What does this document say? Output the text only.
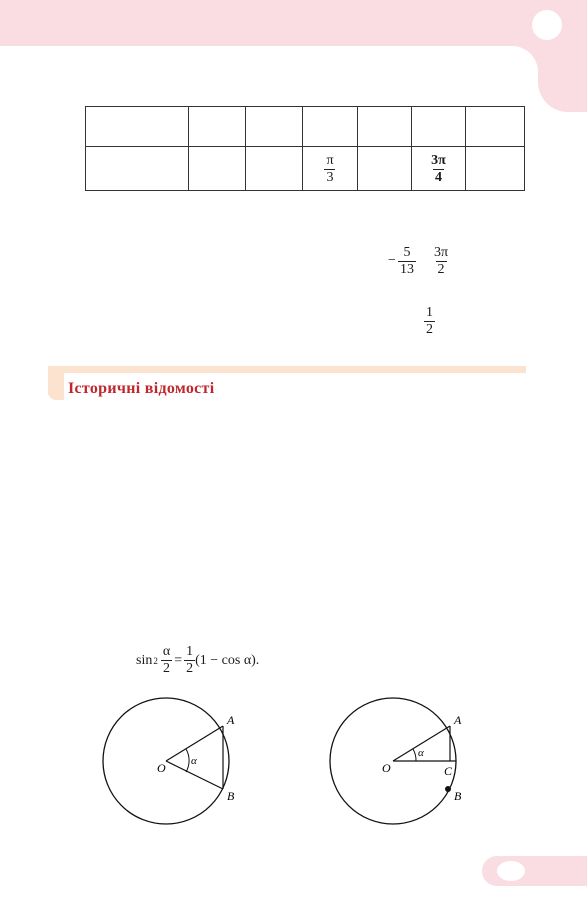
			$\frac{\pi}{3}$		$\frac{3\pi}{4}$

− $\frac{5}{13} \frac{3\pi}{2}$
$\frac{1}{2}$
Історичні відомості
$\sin 2 \frac{\alpha}{2} = \frac{1}{2} (1 - \cos \alpha)$.
α
O
A
B
α
O
A
C
B
